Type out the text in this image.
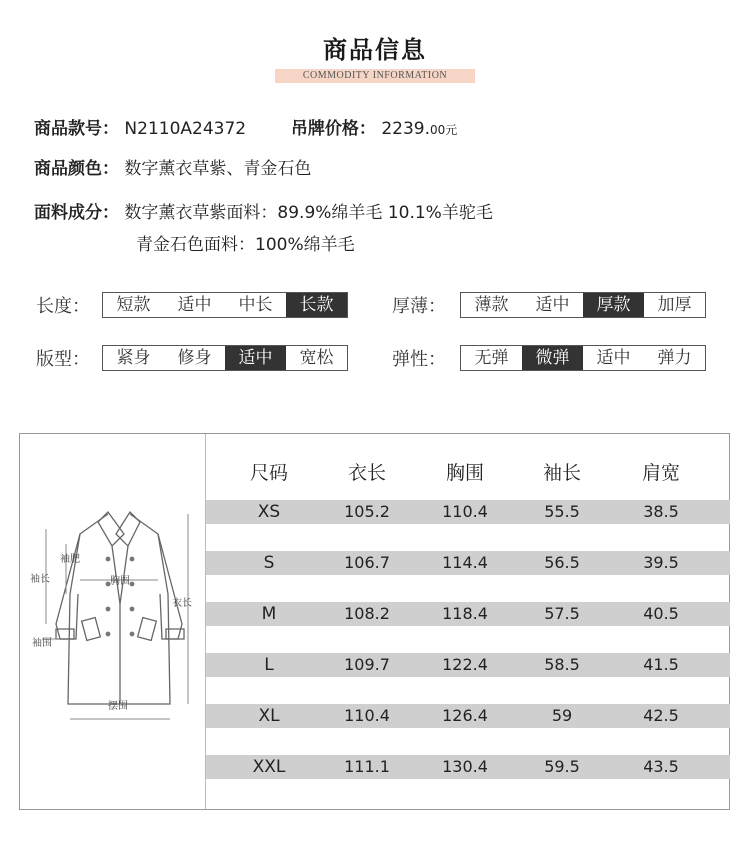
商品信息
COMMODITY INFORMATION
商品款号： N2110A24372	吊牌价格： 2239.00元
商品颜色： 数字薰衣草紫、青金石色
面料成分： 数字薰衣草紫面料：89.9%绵羊毛 10.1%羊驼毛
青金石色面料：100%绵羊毛
长度：	短款	适中	中长	长款	厚薄：	薄款	适中	厚款	加厚
版型：	紧身	修身	适中	宽松	弹性：	无弹	微弹	适中	弹力
袖长
袖肥
胸围
衣长
袖围
摆围
尺码	衣长	胸围	袖长	肩宽
XS	105.2	110.4	55.5	38.5
S	106.7	114.4	56.5	39.5
M	108.2	118.4	57.5	40.5
L	109.7	122.4	58.5	41.5
XL	110.4	126.4	59	42.5
XXL	111.1	130.4	59.5	43.5
